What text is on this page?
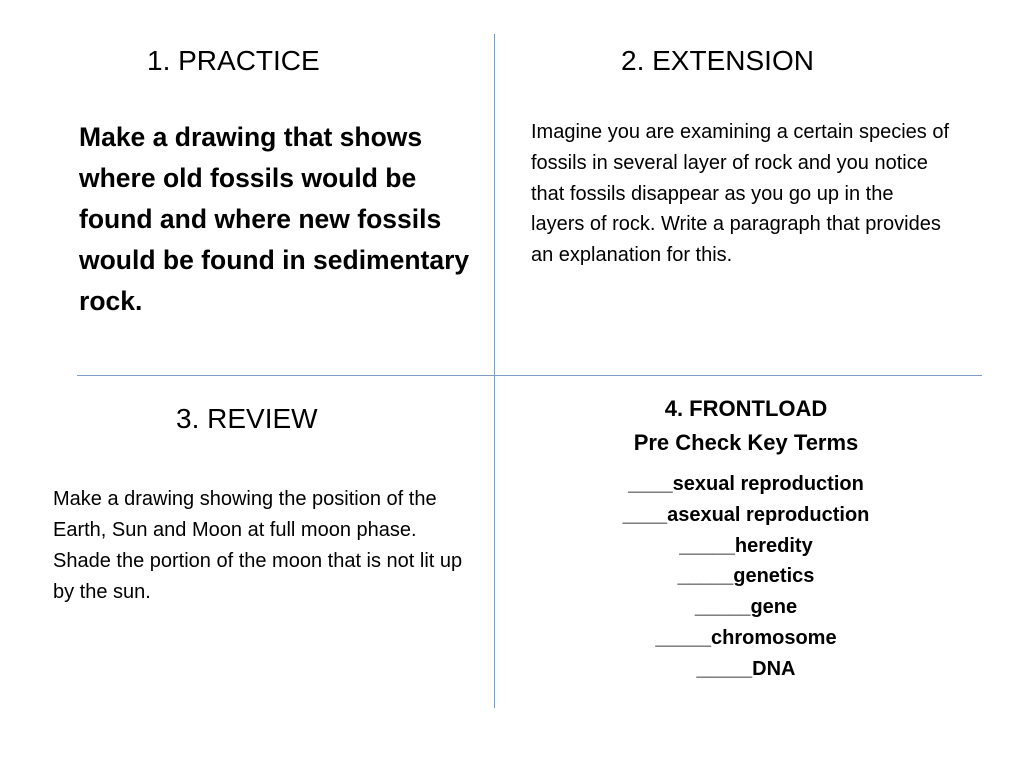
1. PRACTICE
Make a drawing that shows where old fossils would be found and where new fossils would be found in sedimentary rock.
2. EXTENSION
Imagine you are examining a certain species of fossils in several layer of rock and you notice that fossils disappear as you go up in the layers of rock. Write a paragraph that provides an explanation for this.
3. REVIEW
Make a drawing showing the position of the Earth, Sun and Moon at full moon phase. Shade the portion of the moon that is not lit up by the sun.
4. FRONTLOAD
Pre Check Key Terms
____sexual reproduction
____asexual reproduction
_____heredity
_____genetics
_____gene
_____chromosome
_____DNA
